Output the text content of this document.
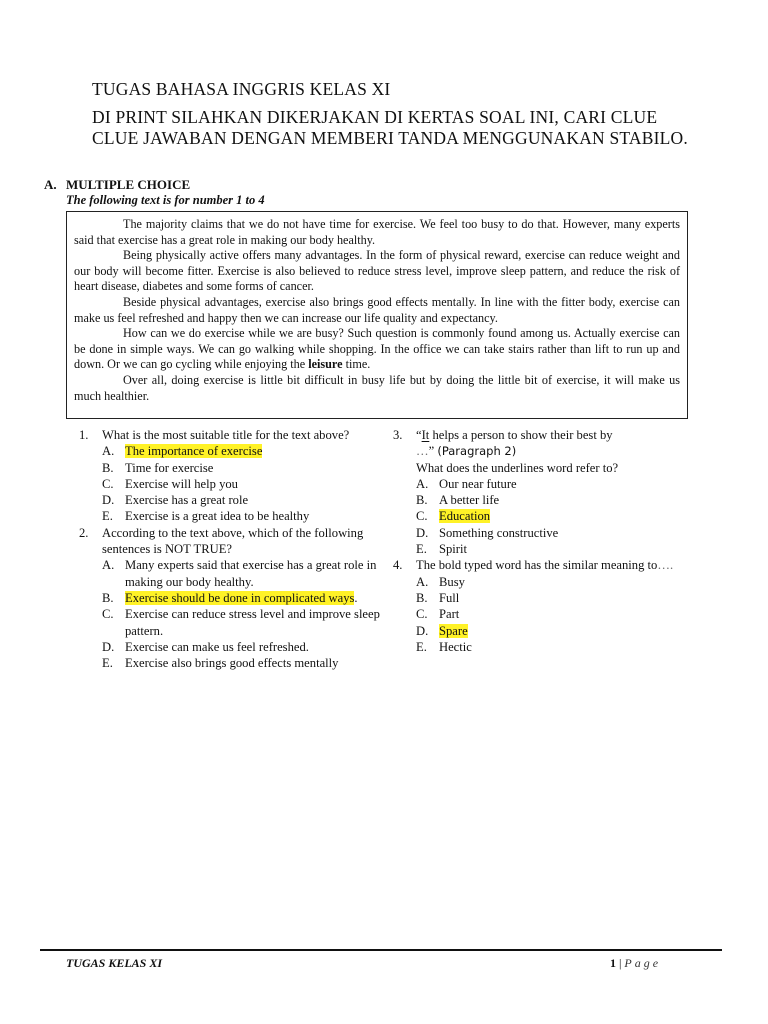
TUGAS BAHASA INGGRIS KELAS XI
DI PRINT SILAHKAN DIKERJAKAN DI KERTAS SOAL INI, CARI CLUE CLUE JAWABAN DENGAN MEMBERI TANDA MENGGUNAKAN STABILO.
A. MULTIPLE CHOICE
The following text is for number 1 to 4

The majority claims that we do not have time for exercise. We feel too busy to do that. However, many experts said that exercise has a great role in making our body healthy.

Being physically active offers many advantages. In the form of physical reward, exercise can reduce weight and our body will become fitter. Exercise is also believed to reduce stress level, improve sleep pattern, and reduce the risk of heart disease, diabetes and some forms of cancer.

Beside physical advantages, exercise also brings good effects mentally. In line with the fitter body, exercise can make us feel refreshed and happy then we can increase our life quality and expectancy.

How can we do exercise while we are busy? Such question is commonly found among us. Actually exercise can be done in simple ways. We can go walking while shopping. In the office we can take stairs rather than lift to run up and down. Or we can go cycling while enjoying the leisure time.

Over all, doing exercise is little bit difficult in busy life but by doing the little bit of exercise, it will make us much healthier.

1. What is the most suitable title for the text above?
A. The importance of exercise
B. Time for exercise
C. Exercise will help you
D. Exercise has a great role
E. Exercise is a great idea to be healthy
2. According to the text above, which of the following sentences is NOT TRUE?
A. Many experts said that exercise has a great role in making our body healthy.
B. Exercise should be done in complicated ways.
C. Exercise can reduce stress level and improve sleep pattern.
D. Exercise can make us feel refreshed.
E. Exercise also brings good effects mentally
3. “It helps a person to show their best by
…” (Paragraph 2)
What does the underlines word refer to?
A. Our near future
B. A better life
C. Education
D. Something constructive
E. Spirit
4. The bold typed word has the similar meaning to….
A. Busy
B. Full
C. Part
D. Spare
E. Hectic
TUGAS KELAS XI	1 | Page
